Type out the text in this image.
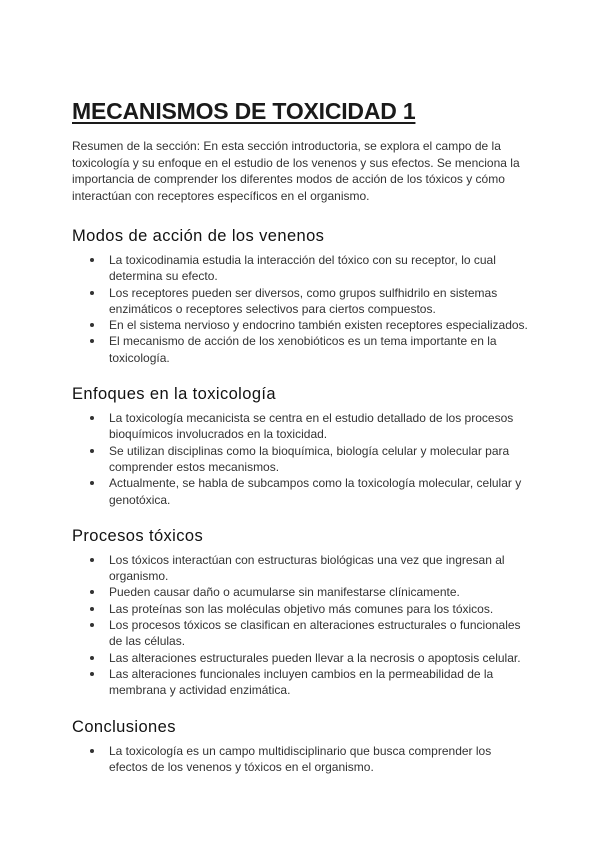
MECANISMOS DE TOXICIDAD 1

Resumen de la sección: En esta sección introductoria, se explora el campo de la toxicología y su enfoque en el estudio de los venenos y sus efectos. Se menciona la importancia de comprender los diferentes modos de acción de los tóxicos y cómo interactúan con receptores específicos en el organismo.

Modos de acción de los venenos
La toxicodinamia estudia la interacción del tóxico con su receptor, lo cual determina su efecto.
Los receptores pueden ser diversos, como grupos sulfhidrilo en sistemas enzimáticos o receptores selectivos para ciertos compuestos.
En el sistema nervioso y endocrino también existen receptores especializados.
El mecanismo de acción de los xenobióticos es un tema importante en la toxicología.
Enfoques en la toxicología
La toxicología mecanicista se centra en el estudio detallado de los procesos bioquímicos involucrados en la toxicidad.
Se utilizan disciplinas como la bioquímica, biología celular y molecular para comprender estos mecanismos.
Actualmente, se habla de subcampos como la toxicología molecular, celular y genotóxica.
Procesos tóxicos
Los tóxicos interactúan con estructuras biológicas una vez que ingresan al organismo.
Pueden causar daño o acumularse sin manifestarse clínicamente.
Las proteínas son las moléculas objetivo más comunes para los tóxicos.
Los procesos tóxicos se clasifican en alteraciones estructurales o funcionales de las células.
Las alteraciones estructurales pueden llevar a la necrosis o apoptosis celular.
Las alteraciones funcionales incluyen cambios en la permeabilidad de la membrana y actividad enzimática.
Conclusiones
La toxicología es un campo multidisciplinario que busca comprender los efectos de los venenos y tóxicos en el organismo.
